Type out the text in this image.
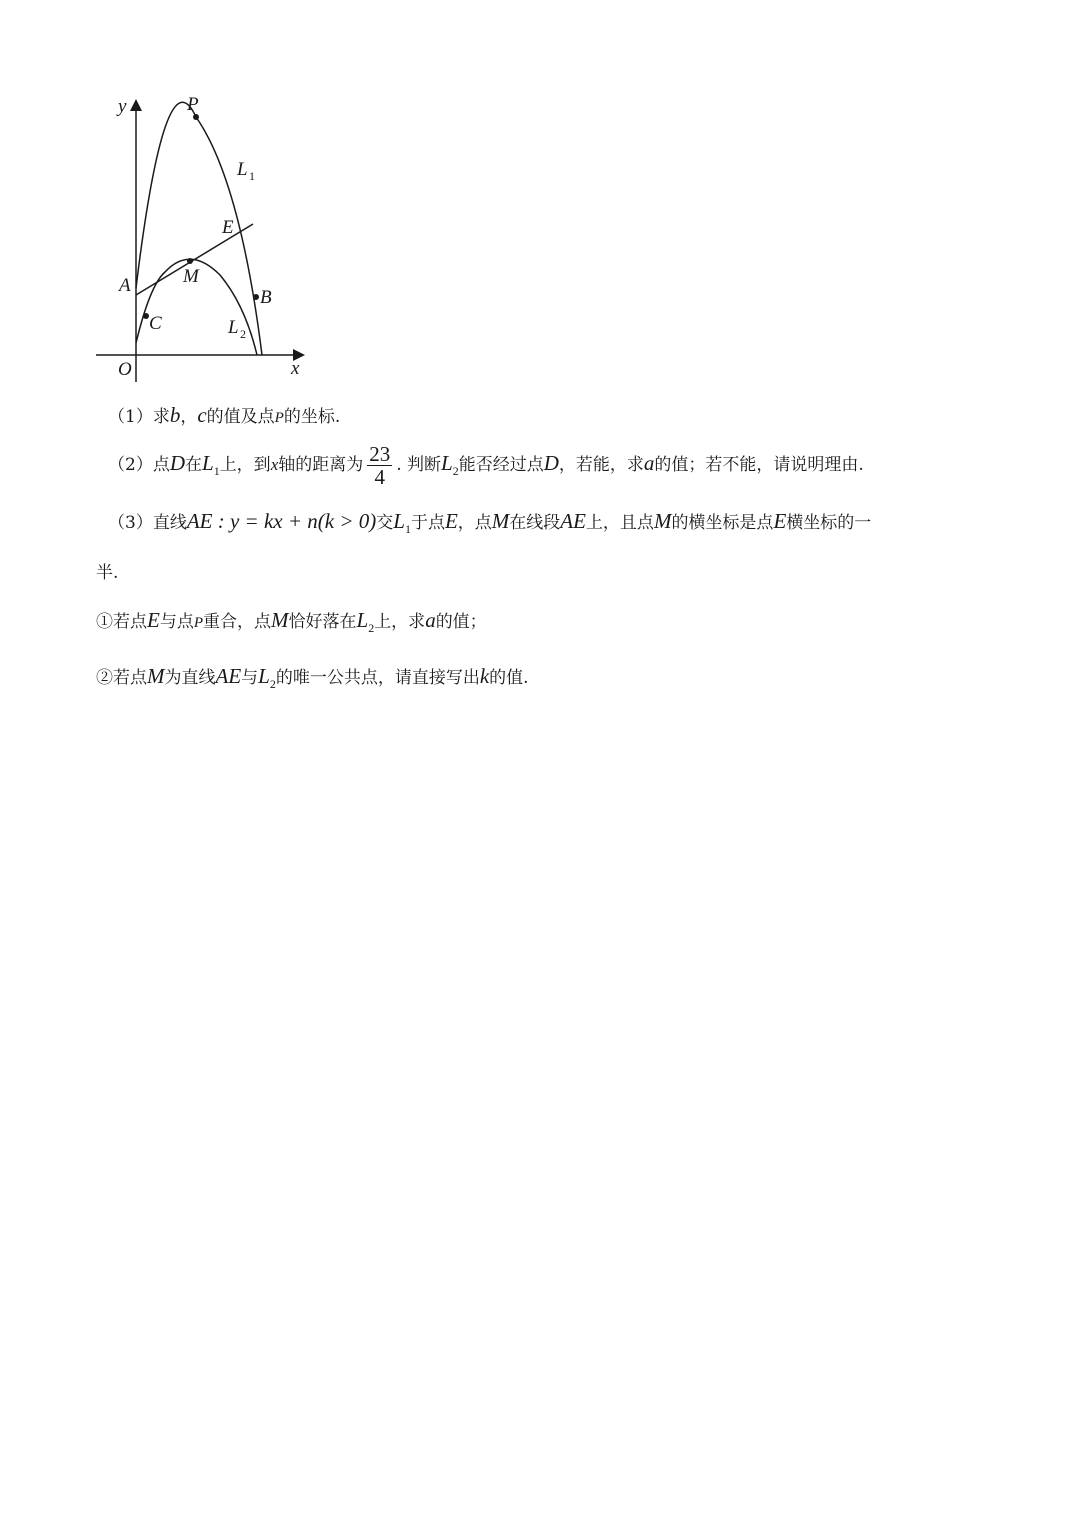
y
x
O
P
L 1
E
M
A
B
C	L 2
（1）求b，c的值及点P的坐标.
（2）点D在$L_1$上，到x轴的距离为 $\frac{23}{4}$ . 判断$L_2$能否经过点D，若能，求a的值；若不能，请说明理由.
（3）直线AE : y = kx + n(k > 0)交$L_1$于点E，点M在线段AE上，且点M的横坐标是点E横坐标的一
半.
①若点E与点P重合，点M恰好落在$L_2$上，求a的值；
②若点M为直线AE与$L_2$的唯一公共点，请直接写出k的值.
